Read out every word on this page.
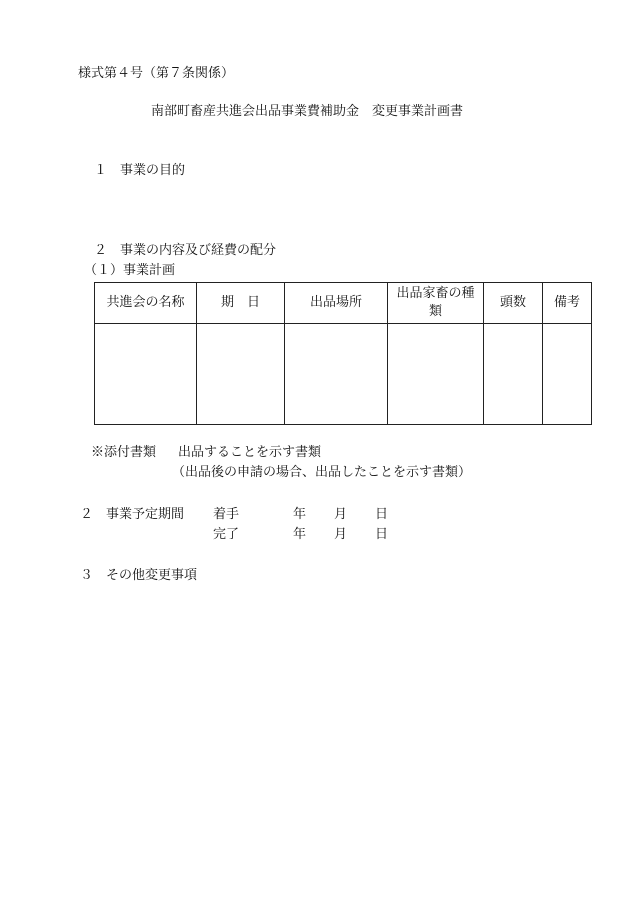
様式第４号（第７条関係）
南部町畜産共進会出品事業費補助金　変更事業計画書
１　事業の目的
２　事業の内容及び経費の配分
（１）事業計画
共進会の名称	期　日	出品場所	出品家畜の種類	頭数	備考

※添付書類 出品することを示す書類
（出品後の申請の場合、出品したことを示す書類）
２　事業予定期間 着手	年 月 日
完了	年 月 日
３　その他変更事項
